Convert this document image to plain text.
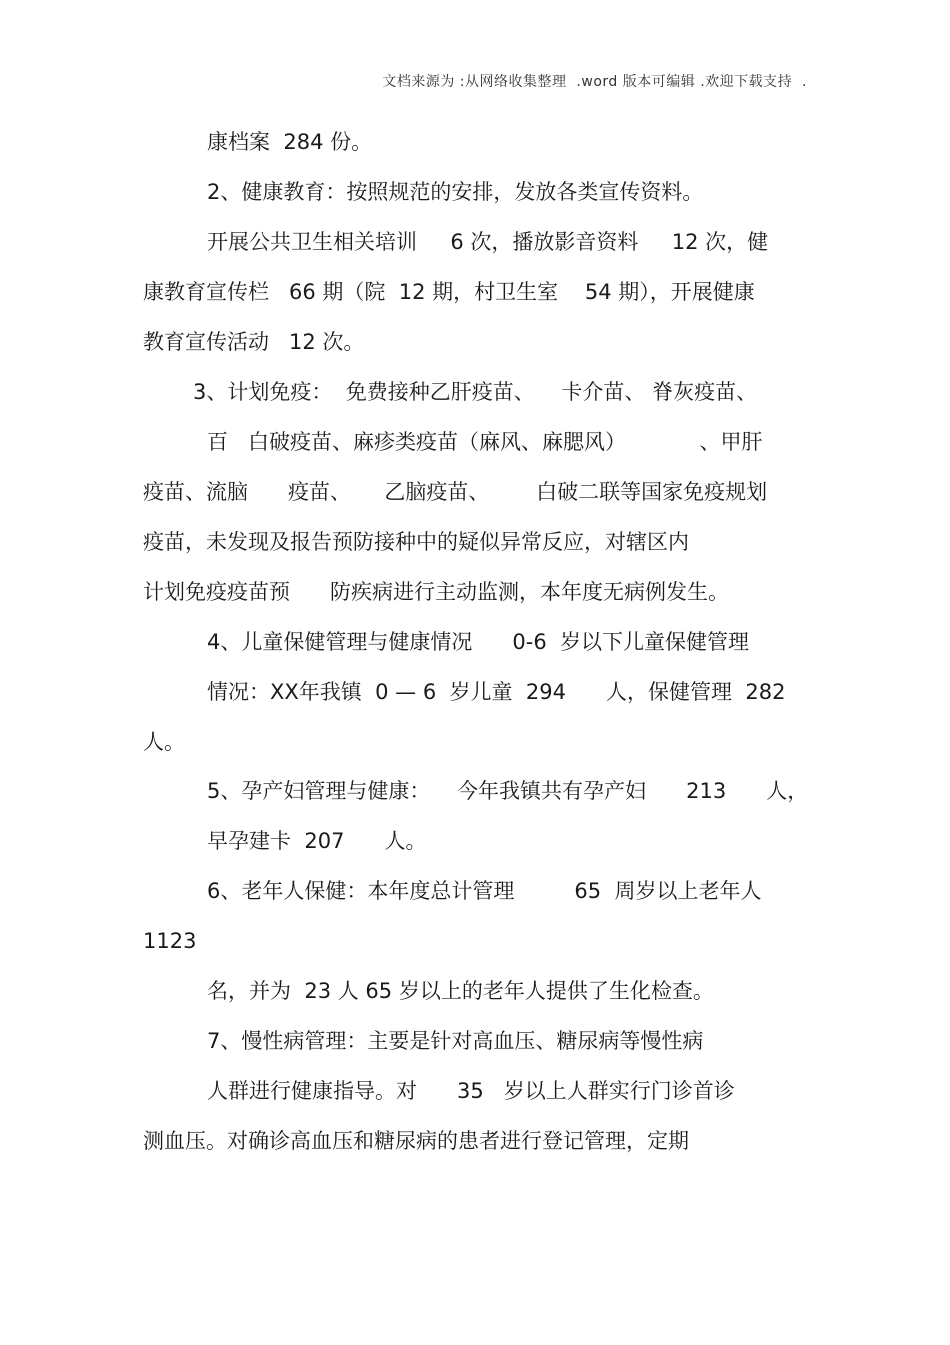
文档来源为 :从网络收集整理  .word 版本可编辑 .欢迎下载支持  .
康档案  284 份。
2、健康教育：按照规范的安排，发放各类宣传资料。
开展公共卫生相关培训     6 次，播放影音资料     12 次，健
康教育宣传栏   66 期（院  12 期，村卫生室    54 期），开展健康
教育宣传活动   12 次。
3、计划免疫：  免费接种乙肝疫苗、    卡介苗、 脊灰疫苗、
百   白破疫苗、麻疹类疫苗（麻风、麻腮风）           、甲肝
疫苗、流脑      疫苗、     乙脑疫苗、       白破二联等国家免疫规划
疫苗，未发现及报告预防接种中的疑似异常反应，对辖区内
计划免疫疫苗预      防疾病进行主动监测，本年度无病例发生。
4、儿童保健管理与健康情况      0-6  岁以下儿童保健管理
情况：XX年我镇  0 — 6  岁儿童  294      人，保健管理  282
人。
5、孕产妇管理与健康：    今年我镇共有孕产妇      213      人，
早孕建卡  207      人。
6、老年人保健：本年度总计管理         65  周岁以上老年人
1123
名，并为  23 人 65 岁以上的老年人提供了生化检查。
7、慢性病管理：主要是针对高血压、糖尿病等慢性病
人群进行健康指导。对      35   岁以上人群实行门诊首诊
测血压。对确诊高血压和糖尿病的患者进行登记管理，定期
